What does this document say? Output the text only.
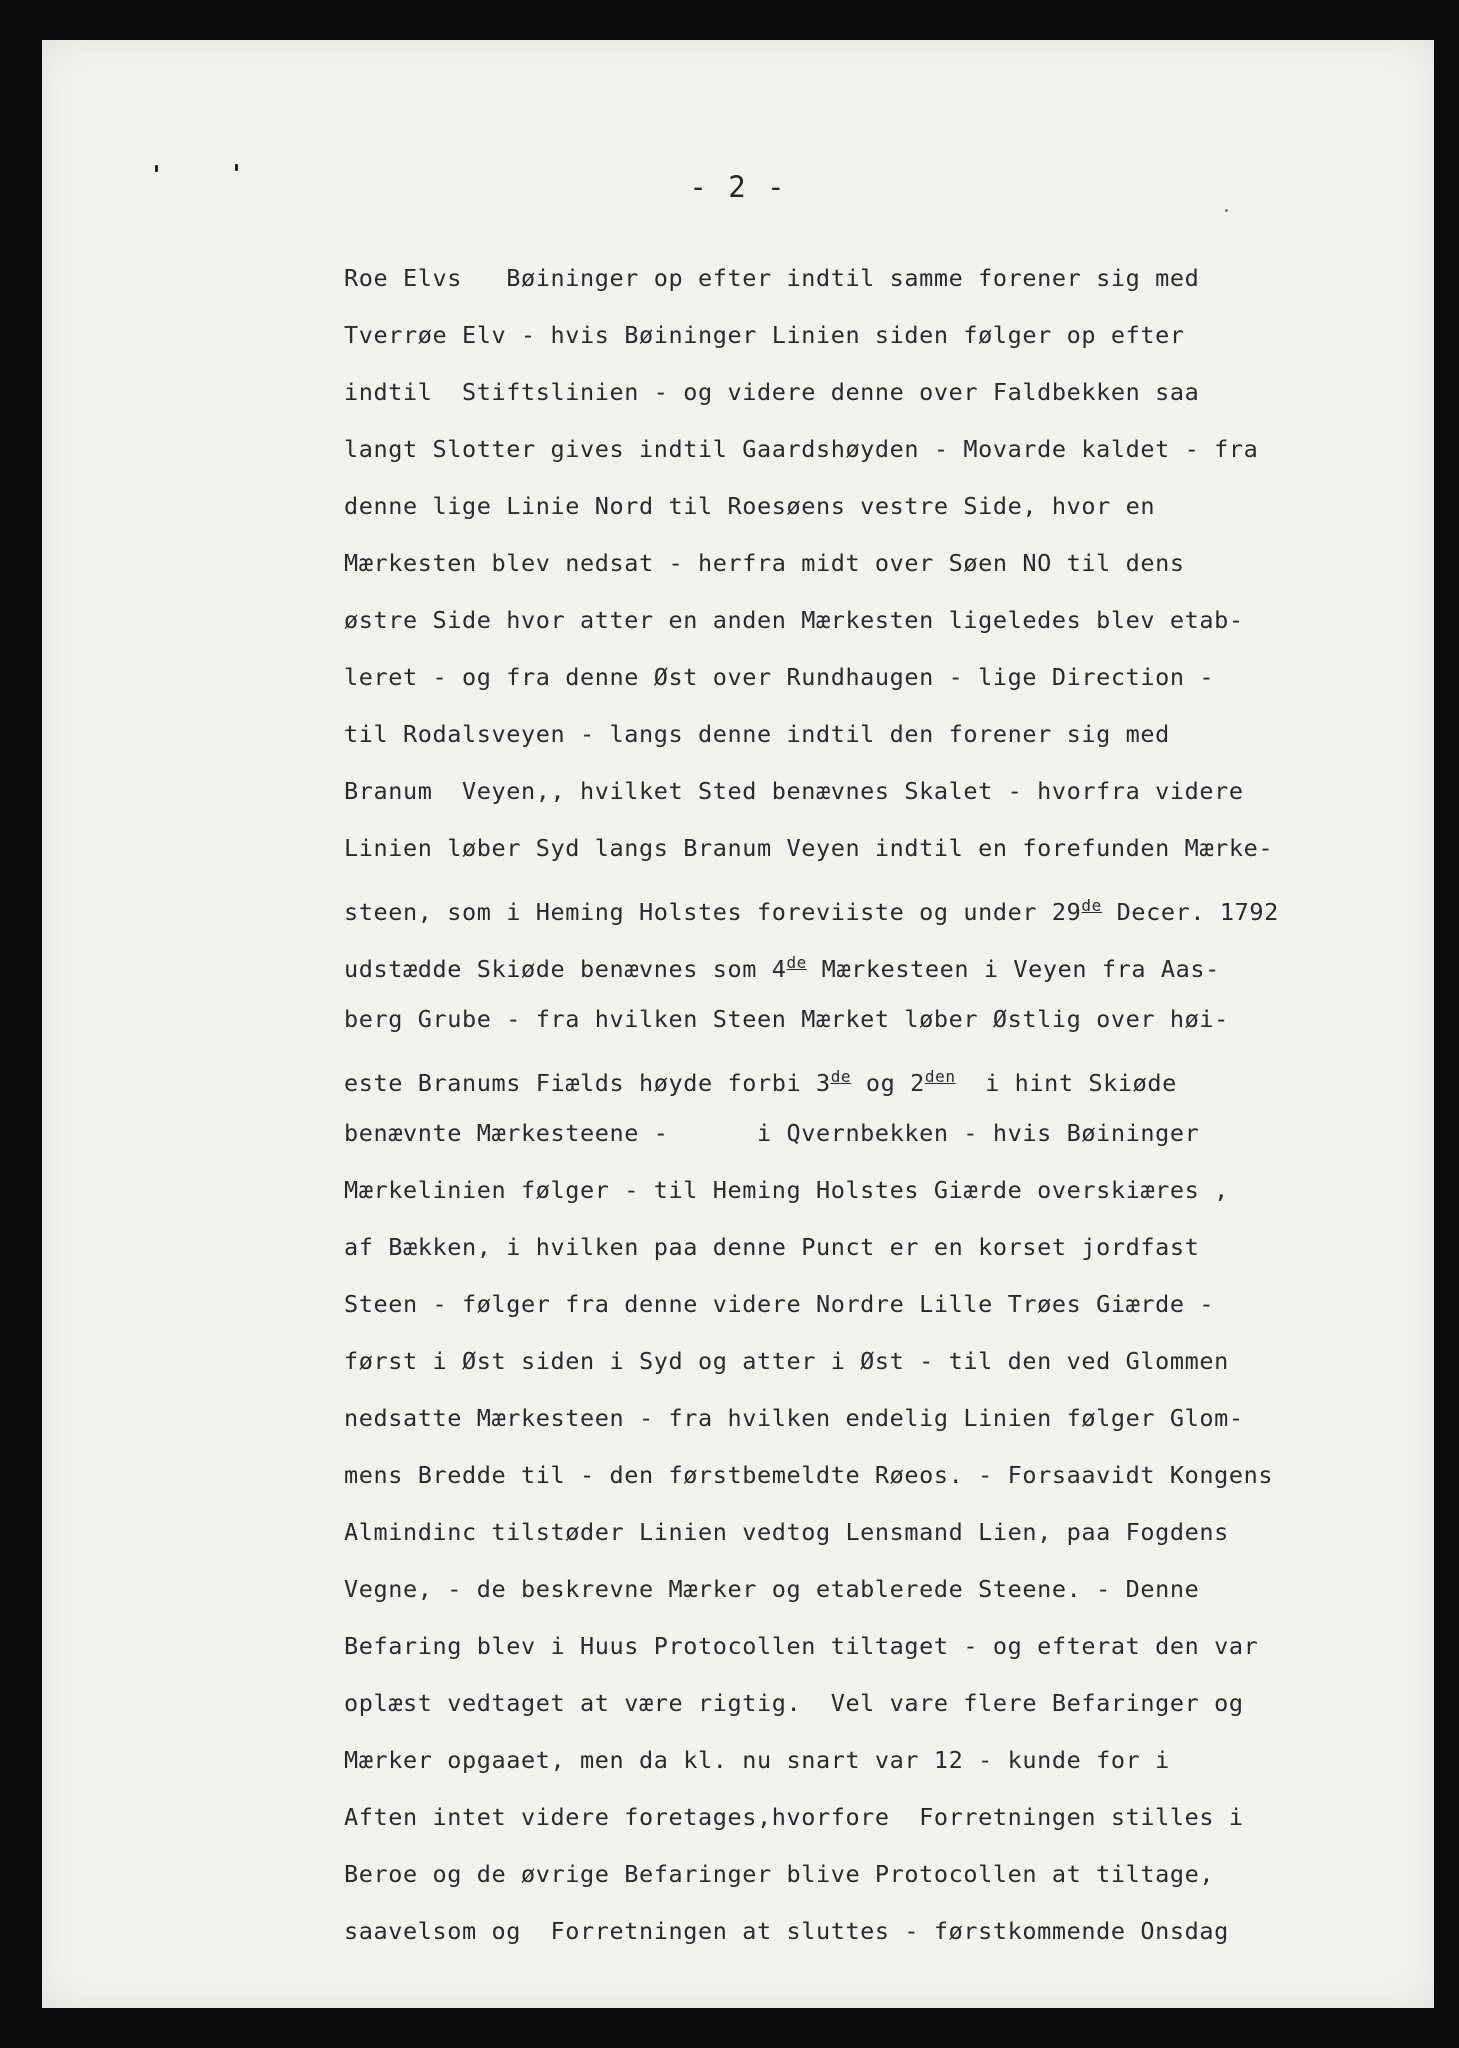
- 2 -
Roe Elvs   Bøininger op efter indtil samme forener sig med
Tverrøe Elv - hvis Bøininger Linien siden følger op efter
indtil  Stiftslinien - og videre denne over Faldbekken saa
langt Slotter gives indtil Gaardshøyden - Movarde kaldet - fra
denne lige Linie Nord til Roesøens vestre Side, hvor en
Mærkesten blev nedsat - herfra midt over Søen NO til dens
østre Side hvor atter en anden Mærkesten ligeledes blev etab-
leret - og fra denne Øst over Rundhaugen - lige Direction -
til Rodalsveyen - langs denne indtil den forener sig med
Branum  Veyen,, hvilket Sted benævnes Skalet - hvorfra videre
Linien løber Syd langs Branum Veyen indtil en forefunden Mærke-
steen, som i Heming Holstes foreviiste og under 29de Decer. 1792
udstædde Skiøde benævnes som 4de Mærkesteen i Veyen fra Aas-
berg Grube - fra hvilken Steen Mærket løber Østlig over høi-
este Branums Fiælds høyde forbi 3de og $2^{den}$  i hint Skiøde
benævnte Mærkesteene -      i Qvernbekken - hvis Bøininger
Mærkelinien følger - til Heming Holstes Giærde overskiæres ,
af Bækken, i hvilken paa denne Punct er en korset jordfast
Steen - følger fra denne videre Nordre Lille Trøes Giærde -
først i Øst siden i Syd og atter i Øst - til den ved Glommen
nedsatte Mærkesteen - fra hvilken endelig Linien følger Glom-
mens Bredde til - den førstbemeldte Røeos. - Forsaavidt Kongens
Almindinc tilstøder Linien vedtog Lensmand Lien, paa Fogdens
Vegne, - de beskrevne Mærker og etablerede Steene. - Denne
Befaring blev i Huus Protocollen tiltaget - og efterat den var
oplæst vedtaget at være rigtig.  Vel vare flere Befaringer og
Mærker opgaaet, men da kl. nu snart var 12 - kunde for i
Aften intet videre foretages,hvorfore  Forretningen stilles i
Beroe og de øvrige Befaringer blive Protocollen at tiltage,
saavelsom og  Forretningen at sluttes - førstkommende Onsdag
